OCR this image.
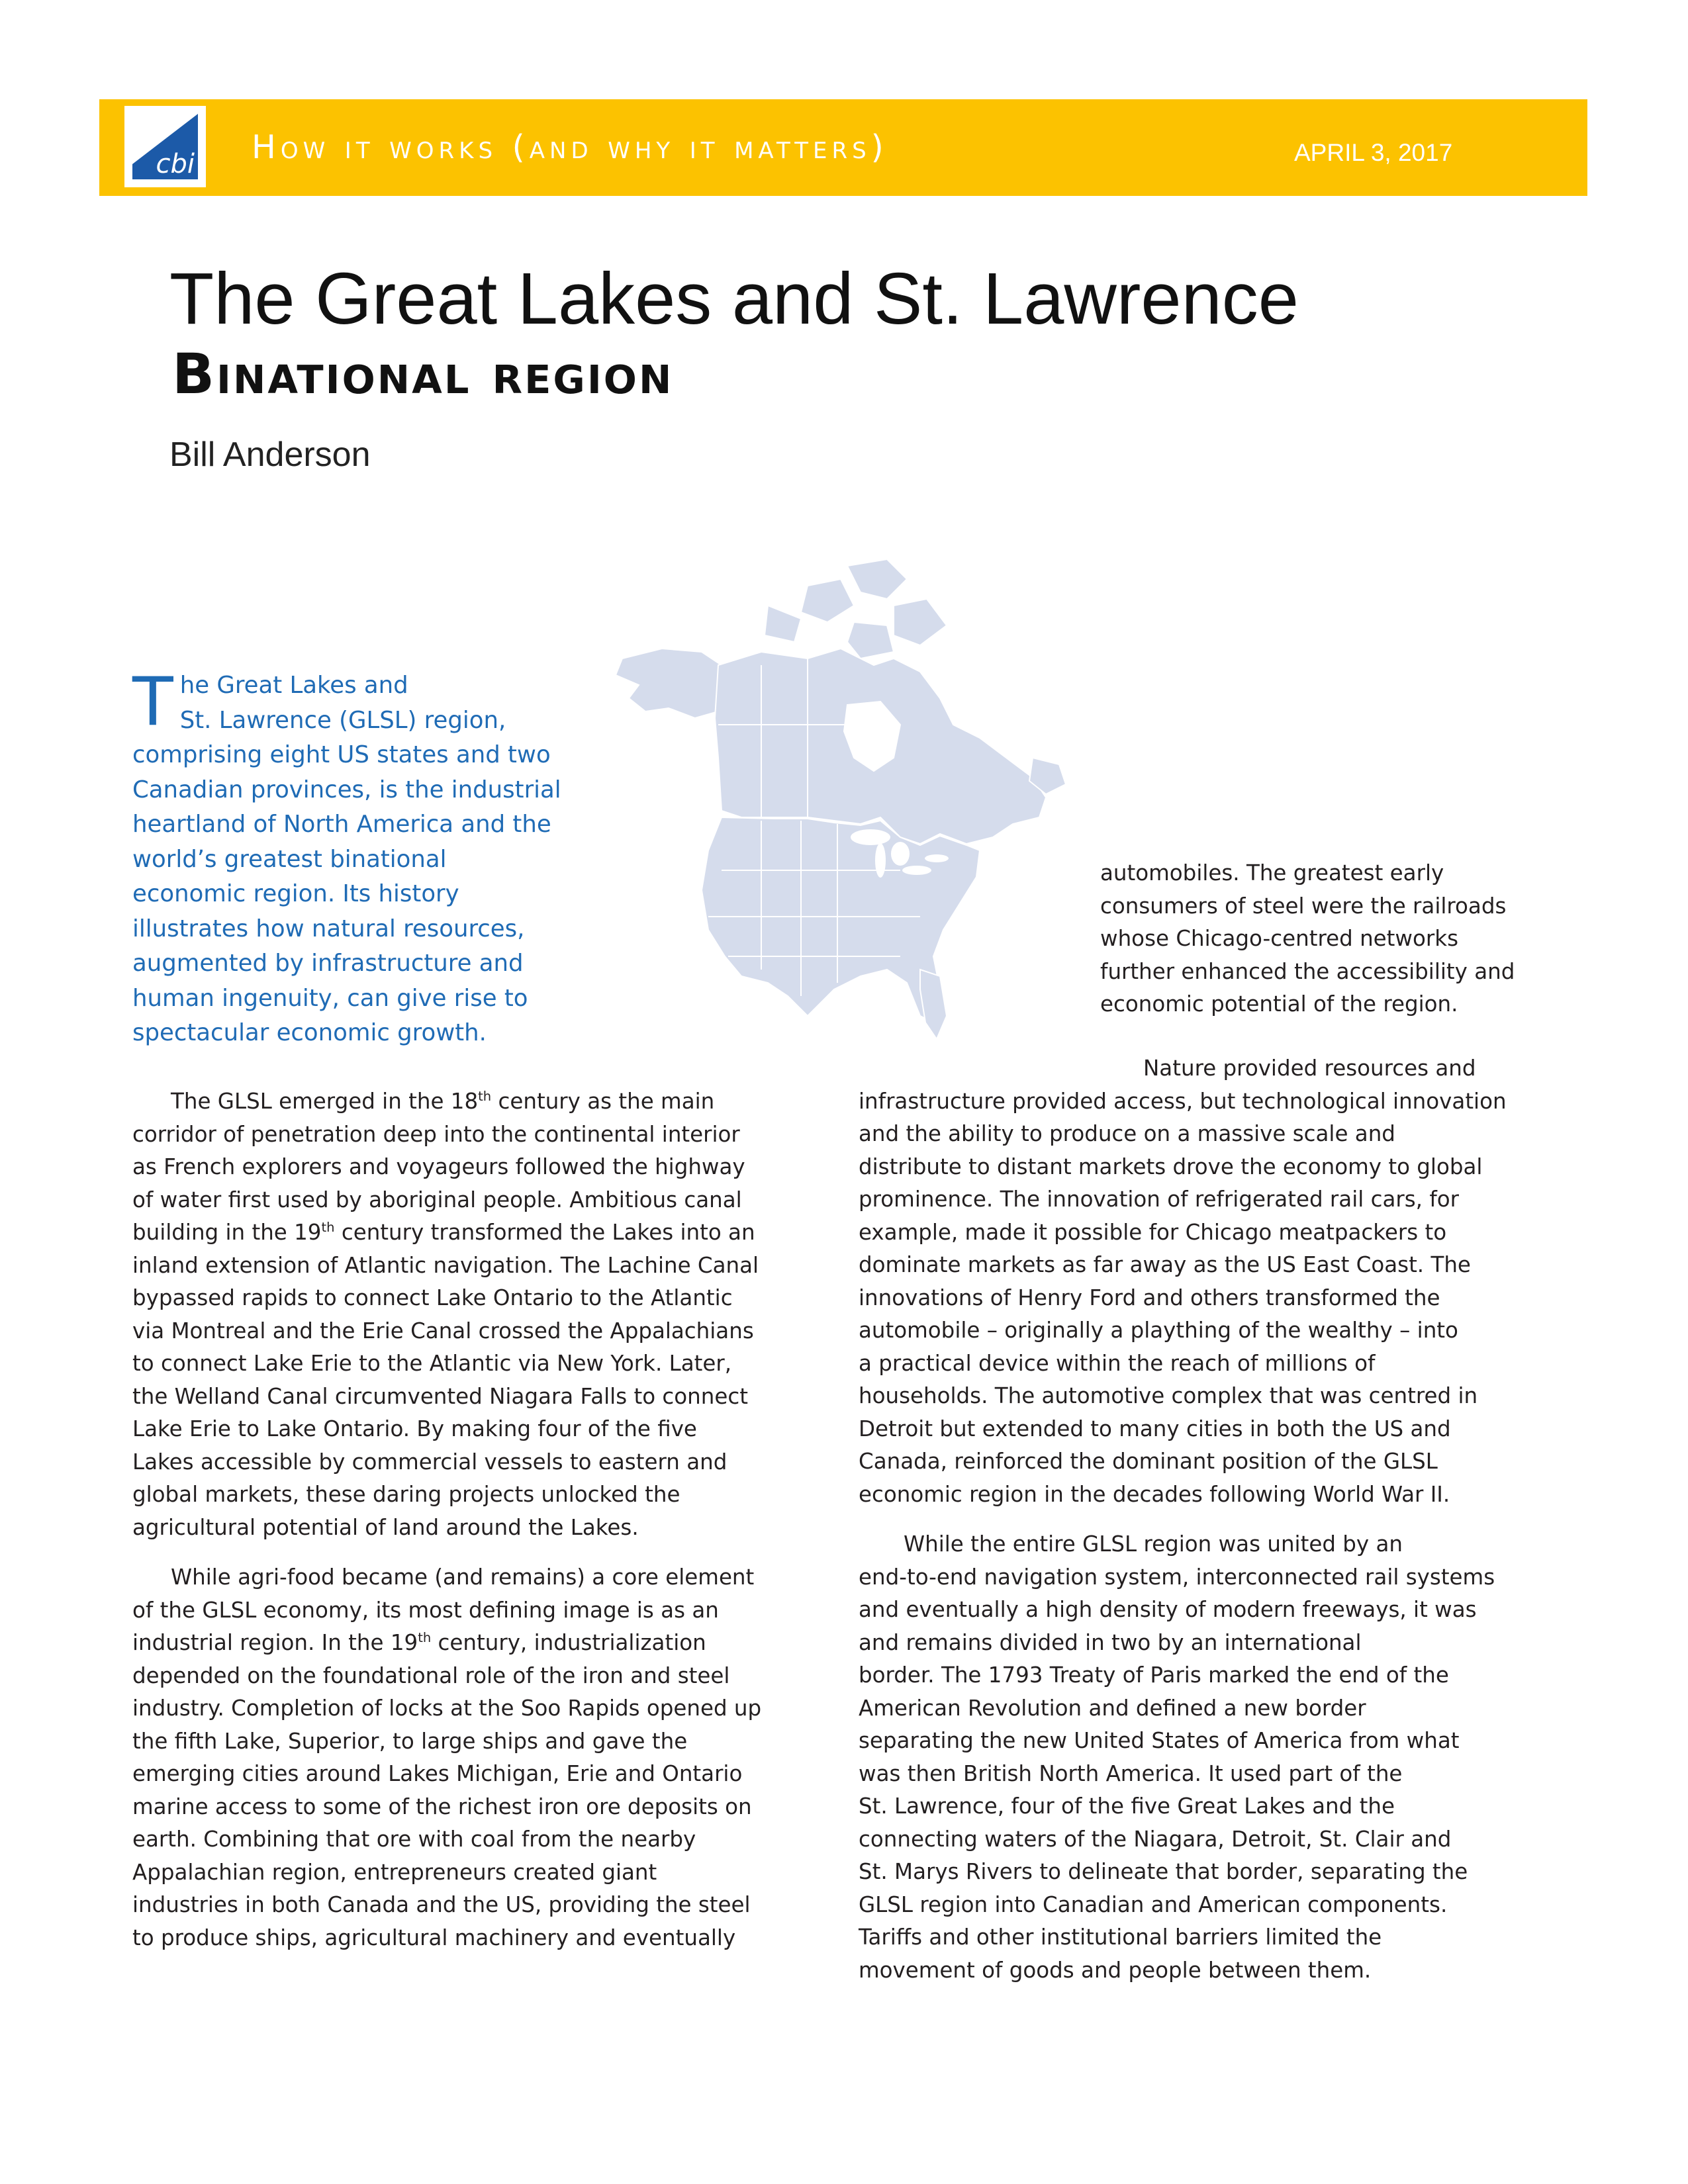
cbi How it works (and why it matters)	APRIL 3, 2017
The Great Lakes and St. Lawrence
Binational region
Bill Anderson
T he Great Lakes and
St. Lawrence (GLSL) region,
comprising eight US states and two
Canadian provinces, is the industrial
heartland of North America and the
world’s greatest binational
economic region. Its history
illustrates how natural resources,
augmented by infrastructure and
human ingenuity, can give rise to
spectacular economic growth.
automobiles. The greatest early
consumers of steel were the railroads
whose Chicago-centred networks
further enhanced the accessibility and
economic potential of the region.
The GLSL emerged in the 18th century as the main
corridor of penetration deep into the continental interior
as French explorers and voyageurs followed the highway
of water first used by aboriginal people. Ambitious canal
building in the 19th century transformed the Lakes into an
inland extension of Atlantic navigation. The Lachine Canal
bypassed rapids to connect Lake Ontario to the Atlantic
via Montreal and the Erie Canal crossed the Appalachians
to connect Lake Erie to the Atlantic via New York. Later,
the Welland Canal circumvented Niagara Falls to connect
Lake Erie to Lake Ontario. By making four of the five
Lakes accessible by commercial vessels to eastern and
global markets, these daring projects unlocked the
agricultural potential of land around the Lakes.
While agri-food became (and remains) a core element
of the GLSL economy, its most defining image is as an
industrial region. In the 19th century, industrialization
depended on the foundational role of the iron and steel
industry. Completion of locks at the Soo Rapids opened up
the fifth Lake, Superior, to large ships and gave the
emerging cities around Lakes Michigan, Erie and Ontario
marine access to some of the richest iron ore deposits on
earth. Combining that ore with coal from the nearby
Appalachian region, entrepreneurs created giant
industries in both Canada and the US, providing the steel
to produce ships, agricultural machinery and eventually
Nature provided resources and
infrastructure provided access, but technological innovation
and the ability to produce on a massive scale and
distribute to distant markets drove the economy to global
prominence. The innovation of refrigerated rail cars, for
example, made it possible for Chicago meatpackers to
dominate markets as far away as the US East Coast. The
innovations of Henry Ford and others transformed the
automobile – originally a plaything of the wealthy – into
a practical device within the reach of millions of
households. The automotive complex that was centred in
Detroit but extended to many cities in both the US and
Canada, reinforced the dominant position of the GLSL
economic region in the decades following World War II.
While the entire GLSL region was united by an
end-to-end navigation system, interconnected rail systems
and eventually a high density of modern freeways, it was
and remains divided in two by an international
border. The 1793 Treaty of Paris marked the end of the
American Revolution and defined a new border
separating the new United States of America from what
was then British North America. It used part of the
St. Lawrence, four of the five Great Lakes and the
connecting waters of the Niagara, Detroit, St. Clair and
St. Marys Rivers to delineate that border, separating the
GLSL region into Canadian and American components.
Tariffs and other institutional barriers limited the
movement of goods and people between them.
